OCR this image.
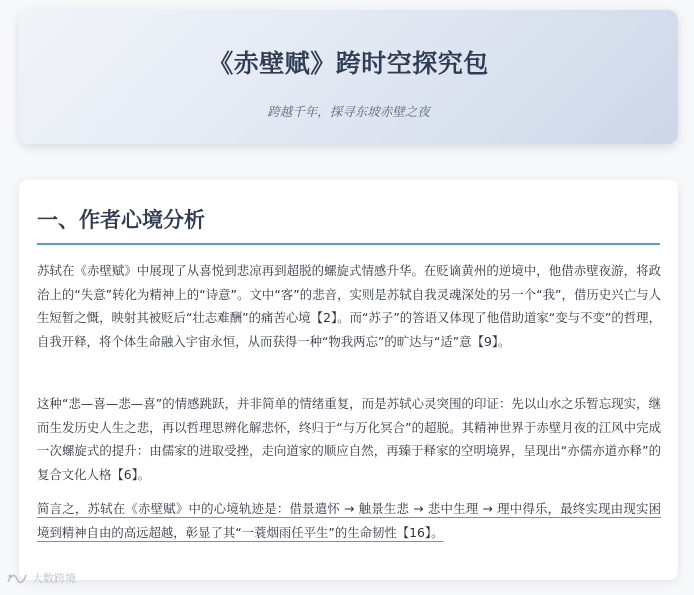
《赤壁赋》跨时空探究包

跨越千年，探寻东坡赤壁之夜

一、作者心境分析

苏轼在《赤壁赋》中展现了从喜悦到悲凉再到超脱的螺旋式情感升华。在贬谪黄州的逆境中，他借赤壁夜游，将政治上的“失意”转化为精神上的“诗意”。文中“客”的悲音，实则是苏轼自我灵魂深处的另一个“我”，借历史兴亡与人生短暂之慨，映射其被贬后“壮志难酬”的痛苦心境【2】。而“苏子”的答语又体现了他借助道家“变与不变”的哲理，自我开释，将个体生命融入宇宙永恒，从而获得一种“物我两忘”的旷达与“适”意【9】。

这种“悲—喜—悲—喜”的情感跳跃，并非简单的情绪重复，而是苏轼心灵突围的印证：先以山水之乐暂忘现实，继而生发历史人生之悲，再以哲理思辨化解悲怀，终归于“与万化冥合”的超脱。其精神世界于赤壁月夜的江风中完成一次螺旋式的提升：由儒家的进取受挫，走向道家的顺应自然，再臻于释家的空明境界，呈现出“亦儒亦道亦释”的复合文化人格【6】。

简言之，苏轼在《赤壁赋》中的心境轨迹是：借景遣怀 → 触景生悲 → 悲中生理 → 理中得乐，最终实现由现实困境到精神自由的高远超越，彰显了其“一蓑烟雨任平生”的生命韧性【16】。

大数跨境
